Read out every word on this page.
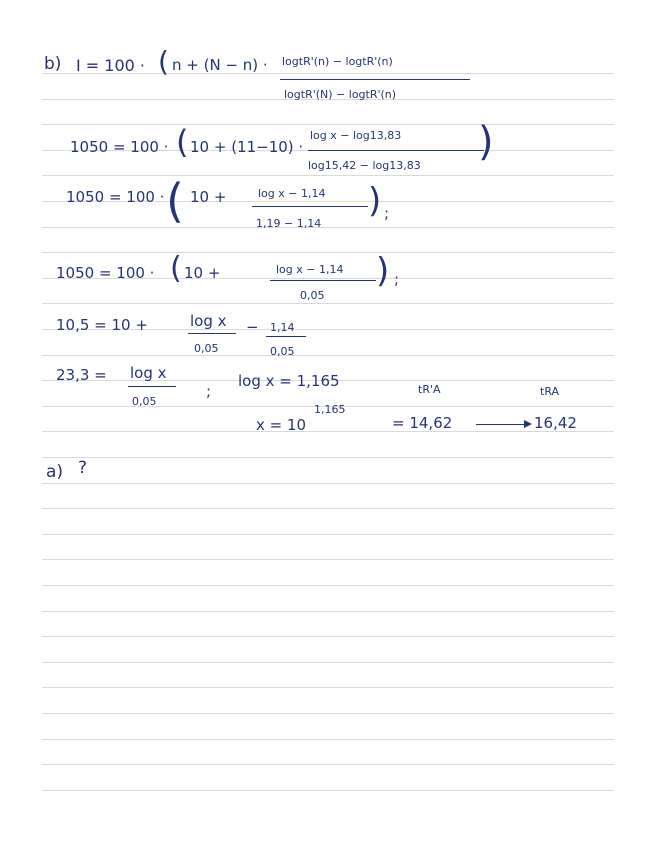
b) I = 100 · ( n + (N − n) · logtR'(n) − logtR'(n)
logtR'(N) − logtR'(n)
1050 = 100 · ( 10 + (11−10) ·
log x − log13,83
log15,42 − log13,83
)
1050 = 100 · ( 10 +	log x − 1,14
1,19 − 1,14
) ;
1050 = 100 · ( 10 +	log x − 1,14
0,05
) ;
10,5 = 10 +	log x
0,05
− 1,14
0,05
23,3 = log x
0,05
;
log x = 1,165	tR'A	tRA
x = 10
1,165
= 14,62	16,42
a) ?
